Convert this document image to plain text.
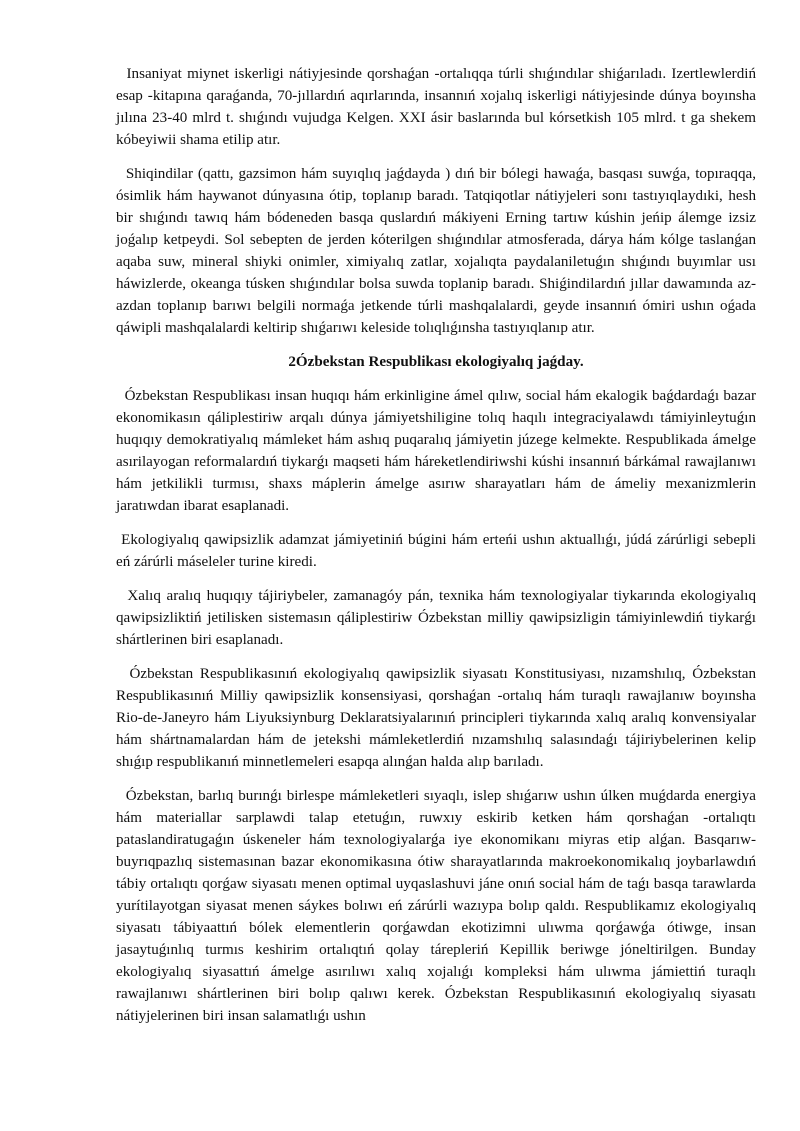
Insaniyat miynet iskerligi nátiyjesinde qorshaǵan -ortalıqqa túrli shıǵındılar shiǵarıladı. Izertlewlerdiń esap -kitapına qaraǵanda, 70-jıllardıń aqırlarında, insannıń xojalıq iskerligi nátiyjesinde dúnya boyınsha jılına 23-40 mlrd t. shıǵındı vujudga Kelgen. XXI ásir baslarında bul kórsetkish 105 mlrd. t ga shekem kóbeyiwii shama etilip atır.

Shiqindilar (qattı, gazsimon hám suyıqlıq jaǵdayda ) dıń bir bólegi hawaǵa, basqası suwǵa, topıraqqa, ósimlik hám haywanot dúnyasına ótip, toplanıp baradı. Tatqiqotlar nátiyjeleri sonı tastıyıqlaydıki, hesh bir shıǵındı tawıq hám bódeneden basqa quslardıń mákiyeni Erning tartıw kúshin jeńip álemge izsiz joǵalıp ketpeydi. Sol sebepten de jerden kóterilgen shıǵındılar atmosferada, dárya hám kólge taslanǵan aqaba suw, mineral shiyki onimler, ximiyalıq zatlar, xojalıqta paydalaniletuǵın shıǵındı buyımlar usı háwizlerde, okeanga túsken shıǵındılar bolsa suwda toplanip baradı. Shiǵindilardıń jıllar dawamında az-azdan toplanıp barıwı belgili normaǵa jetkende túrli mashqalalardi, geyde insannıń ómiri ushın oǵada qáwipli mashqalalardi keltirip shıǵarıwı keleside tolıqlıǵınsha tastıyıqlanıp atır.

2Ózbekstan Respublikası ekologiyalıq jaǵday.

Ózbekstan Respublikası insan huqıqı hám erkinligine ámel qılıw, social hám ekalogik baǵdardaǵı bazar ekonomikasın qáliplestiriw arqalı dúnya jámiyetshiligine tolıq haqılı integraciyalawdı támiyinleytuǵın huqıqıy demokratiyalıq mámleket hám ashıq puqaralıq jámiyetin júzege kelmekte. Respublikada ámelge asırilayogan reformalardıń tiykarǵı maqseti hám háreketlendiriwshi kúshi insannıń bárkámal rawajlanıwı hám jetkilikli turmısı, shaxs máplerin ámelge asırıw sharayatları hám de ámeliy mexanizmlerin jaratıwdan ibarat esaplanadi.

Ekologiyalıq qawipsizlik adamzat jámiyetiniń búgini hám erteńi ushın aktuallıǵı, júdá zárúrligi sebepli eń zárúrli máseleler turine kiredi.

Xalıq aralıq huqıqıy tájiriybeler, zamanagóy pán, texnika hám texnologiyalar tiykarında ekologiyalıq qawipsizliktiń jetilisken sistemasın qáliplestiriw Ózbekstan milliy qawipsizligin támiyinlewdiń tiykarǵı shártlerinen biri esaplanadı.

Ózbekstan Respublikasınıń ekologiyalıq qawipsizlik siyasatı Konstitusiyası, nızamshılıq, Ózbekstan Respublikasınıń Milliy qawipsizlik konsensiyasi, qorshaǵan -ortalıq hám turaqlı rawajlanıw boyınsha Rio-de-Janeyro hám Liyuksiynburg Deklaratsiyalarınıń principleri tiykarında xalıq aralıq konvensiyalar hám shártnamalardan hám de jetekshi mámleketlerdiń nızamshılıq salasındaǵı tájiriybelerinen kelip shıǵıp respublikanıń minnetlemeleri esapqa alınǵan halda alıp barıladı.

Ózbekstan, barlıq burınǵı birlespe mámleketleri sıyaqlı, islep shıǵarıw ushın úlken muǵdarda energiya hám materiallar sarplawdi talap etetuǵın, ruwxıy eskirib ketken hám qorshaǵan -ortalıqtı pataslandiratugaǵın úskeneler hám texnologiyalarǵa iye ekonomikanı miyras etip alǵan. Basqarıw-buyrıqpazlıq sistemasınan bazar ekonomikasına ótiw sharayatlarında makroekonomikalıq joybarlawdıń tábiy ortalıqtı qorǵaw siyasatı menen optimal uyqaslashuvi jáne onıń social hám de taǵı basqa tarawlarda yurítilayotgan siyasat menen sáykes bolıwı eń zárúrli wazıypa bolıp qaldı. Respublikamız ekologiyalıq siyasatı tábiyaattıń bólek elementlerin qorǵawdan ekotizimni ulıwma qorǵawǵa ótiwge, insan jasaytuǵınlıq turmıs keshirim ortalıqtıń qolay tárepleriń Kepillik beriwge jóneltirilgen. Bunday ekologiyalıq siyasattıń ámelge asırılıwı xalıq xojalıǵı kompleksi hám ulıwma jámiettiń turaqlı rawajlanıwı shártlerinen biri bolıp qalıwı kerek. Ózbekstan Respublikasınıń ekologiyalıq siyasatı nátiyjelerinen biri insan salamatlıǵı ushın
